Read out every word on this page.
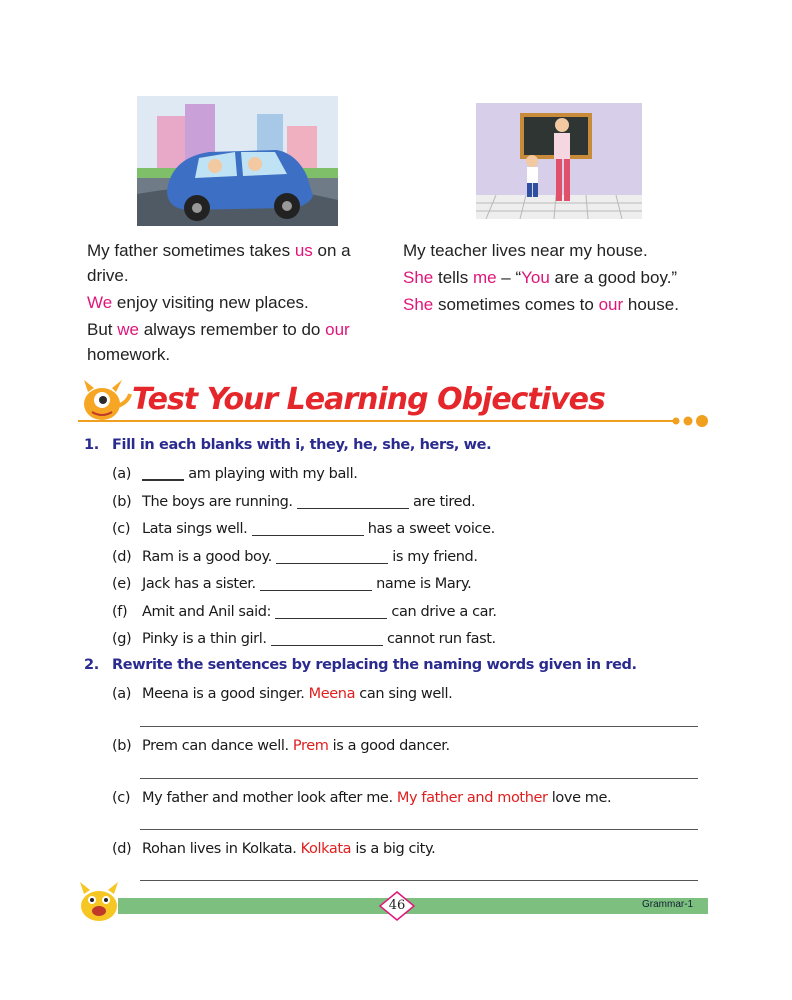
My father sometimes takes us on a drive.

We enjoy visiting new places.

But we always remember to do our homework.

My teacher lives near my house.

She tells me – “You are a good boy.”

She sometimes comes to our house.

Test Your Learning Objectives
1. Fill in each blanks with i, they, he, she, hers, we.
(a)	am playing with my ball.
(b) The boys are running.	are tired.
(c) Lata sings well.	has a sweet voice.
(d) Ram is a good boy.	is my friend.
(e) Jack has a sister.	name is Mary.
(f) Amit and Anil said:	can drive a car.
(g) Pinky is a thin girl.	cannot run fast.
2. Rewrite the sentences by replacing the naming words given in red.
(a) Meena is a good singer. Meena can sing well.
(b) Prem can dance well. Prem is a good dancer.
(c) My father and mother look after me. My father and mother love me.
(d) Rohan lives in Kolkata. Kolkata is a big city.
46	Grammar-1
